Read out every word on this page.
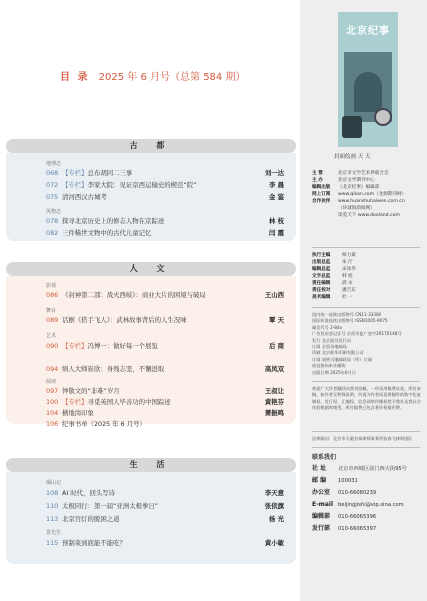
目 录 2025 年 6 月号（总第 584 期）
古 都
地理志
068 【专栏】总布胡同二三事	刘一达
072 【专栏】李家大院：见证京西运输史的楔范“院”	李 晨
075 清河西汉古城考	金 鉴
风物志
078 探寻北京历史上的修志人物在京踪迹	林 枝
082 三件稀世文物中的古代儿童记忆	闫 霞
人 文
影视
086 《封神第二部：战火西岐》：商业大片的困境与破局	王山西
舞台
089 话剧《搭手飞人》：武林故事背后的人生况味	覃 天
艺术
090 【专栏】冯博一：做好每一个展览	后 商
094 绢人大师崔欣：身残志坚，不懈进取	高凤双
阅读
097 钟敬文的“非难”岁月	王叔让
100 【专栏】寻觅英国人毕善功的中国踪迹	黄艳芬
104 横地岗印象	萧振鸣
106 纪事书单（2025 年 6 月号）
生 活
烟山记
108 AI 时代，回头写诗	李天意
110 太极同行：第一届“亚洲太极拳日”	张依旗
113 北京宫灯的脱困之道	杨 光
景先生
115 预制菜到底能不能吃？	黄小敏
北京纪事
封面绘画 天 天
主 管	北京市文学艺术界联合会
主 办	北京文学期刊中心
编辑出版 《北京纪事》编辑部
网上订阅 www.qikan.com（龙源期刊网）
合作伙伴 www.huanshuhaiwen.com.cn
（环球海韵阅网）
读览天下 www.dooland.com
执行主编	师力斌
出版总监	朱 泞
编辑总监	宋冰华
文字总监	韩 旭
责任编辑	邱 永
责任校对	潘吉东
美术编辑	杜 一
国内统一连续出版物号 CN11-3338/I
国际标准连续出版物号 ISSN1005-9075
邮发代号 2-84v
广告发布登记证号 京西市监广登字20170148号
发行 北京报刊发行局
订阅 全国各地邮局
印刷 北京联华印刷有限公司
订阅 请到当地邮政局（所）订阅
或直接向本社邮购
出版日期 2025年6月日
欢迎广大作者踊跃向我刊投稿，一经采用稿费从优。所有来稿，如作者无特殊说明，均视为作者同意将稿件的数字化复制权、发行权、汇编权、信息网络传播权授予我社及我社合作的数据库使用，所付稿费已包含著作权使用费。
法律顾问：北京市天驰君泰律师事务所张春飞律师团队
联系我们
社 址 北京市西城区前门西大街95号
邮 编 100031
办公室 010-66080239
E-mail beijingjishi@vip.sina.com
编辑部 010-66065396
发行部 010-66065397
